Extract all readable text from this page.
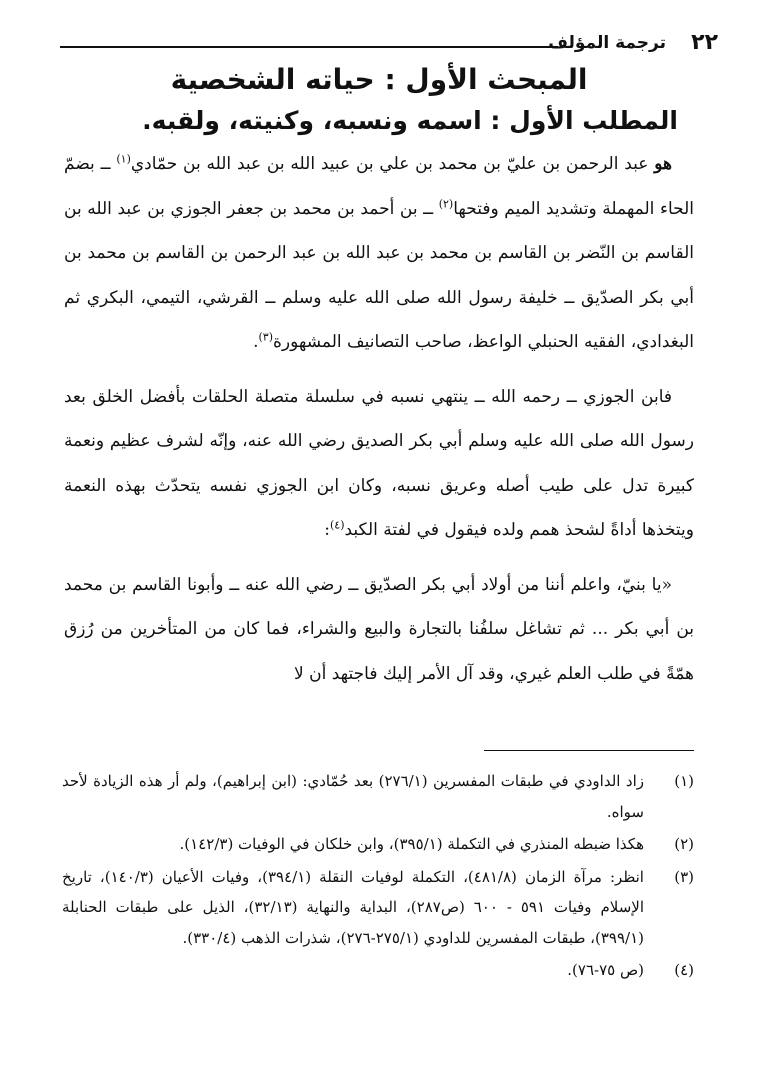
٢٢
ترجمة المؤلف
المبحث الأول : حياته الشخصية
المطلب الأول : اسمه ونسبه، وكنيته، ولقبه.

هو عبد الرحمن بن عليّ بن محمد بن علي بن عبيد الله بن عبد الله بن حمّادي$^{(١)}$ ــ بضمّ الحاء المهملة وتشديد الميم وفتحها$^{(٢)}$ ــ بن أحمد بن محمد بن جعفر الجوزي بن عبد الله بن القاسم بن النّضر بن القاسم بن محمد بن عبد الله بن عبد الرحمن بن القاسم بن محمد بن أبي بكر الصدّيق ــ خليفة رسول الله صلى الله عليه وسلم ــ القرشي، التيمي، البكري ثم البغدادي، الفقيه الحنبلي الواعظ، صاحب التصانيف المشهورة$^{(٣)}$.

فابن الجوزي ــ رحمه الله ــ ينتهي نسبه في سلسلة متصلة الحلقات بأفضل الخلق بعد رسول الله صلى الله عليه وسلم أبي بكر الصديق رضي الله عنه، وإنّه لشرف عظيم ونعمة كبيرة تدل على طيب أصله وعريق نسبه، وكان ابن الجوزي نفسه يتحدّث بهذه النعمة ويتخذها أداةً لشحذ همم ولده فيقول في لفتة الكبد$^{(٤)}$:

«يا بنيّ، واعلم أننا من أولاد أبي بكر الصدّيق ــ رضي الله عنه ــ وأبونا القاسم بن محمد بن أبي بكر ... ثم تشاغل سلفُنا بالتجارة والبيع والشراء، فما كان من المتأخرين من رُزق همّةً في طلب العلم غيري، وقد آل الأمر إليك فاجتهد أن لا

(١)
زاد الداودي في طبقات المفسرين (٢٧٦/١) بعد حُمّادي: (ابن إبراهيم)، ولم أر هذه الزيادة لأحد سواه.
(٢)
هكذا ضبطه المنذري في التكملة (٣٩٥/١)، وابن خلكان في الوفيات (١٤٢/٣).
(٣)
انظر: مرآة الزمان (٤٨١/٨)، التكملة لوفيات النقلة (٣٩٤/١)، وفيات الأعيان (١٤٠/٣)، تاريخ الإسلام وفيات ٥٩١ - ٦٠٠ (ص٢٨٧)، البداية والنهاية (٣٢/١٣)، الذيل على طبقات الحنابلة (٣٩٩/١)، طبقات المفسرين للداودي (٢٧٥/١-٢٧٦)، شذرات الذهب (٣٣٠/٤).
(٤)
(ص ٧٥-٧٦).
